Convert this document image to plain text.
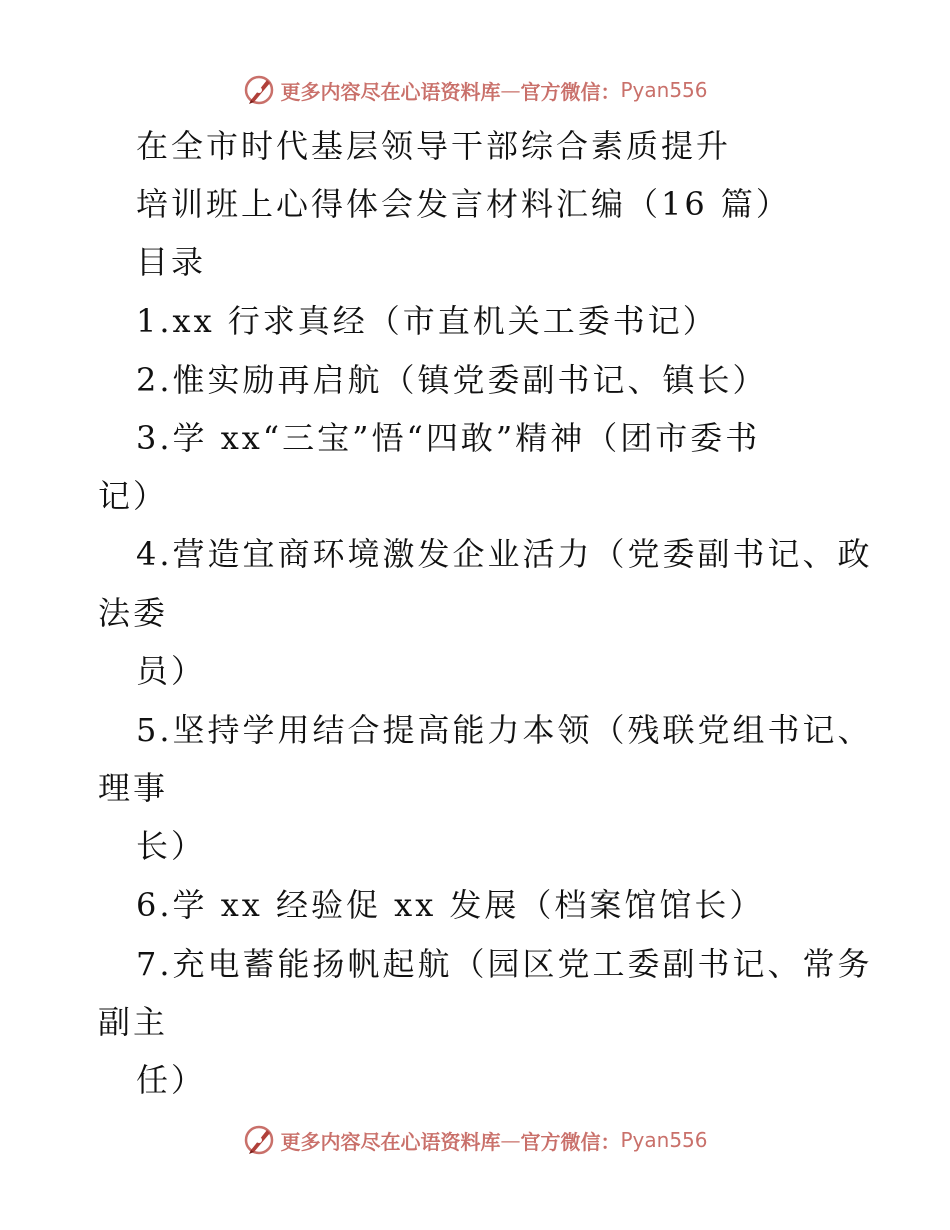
更多内容尽在心语资料库 — 官方微信： Pyan556
在全市时代基层领导干部综合素质提升
培训班上心得体会发言材料汇编（16 篇）
目录
1.xx 行求真经（市直机关工委书记）
2.惟实励再启航（镇党委副书记、镇长）
3.学 xx“三宝”悟“四敢”精神（团市委书
记）
4.营造宜商环境激发企业活力（党委副书记、政
法委
员）
5.坚持学用结合提高能力本领（残联党组书记、
理事
长）
6.学 xx 经验促 xx 发展（档案馆馆长）
7.充电蓄能扬帆起航（园区党工委副书记、常务
副主
任）
更多内容尽在心语资料库 — 官方微信： Pyan556
